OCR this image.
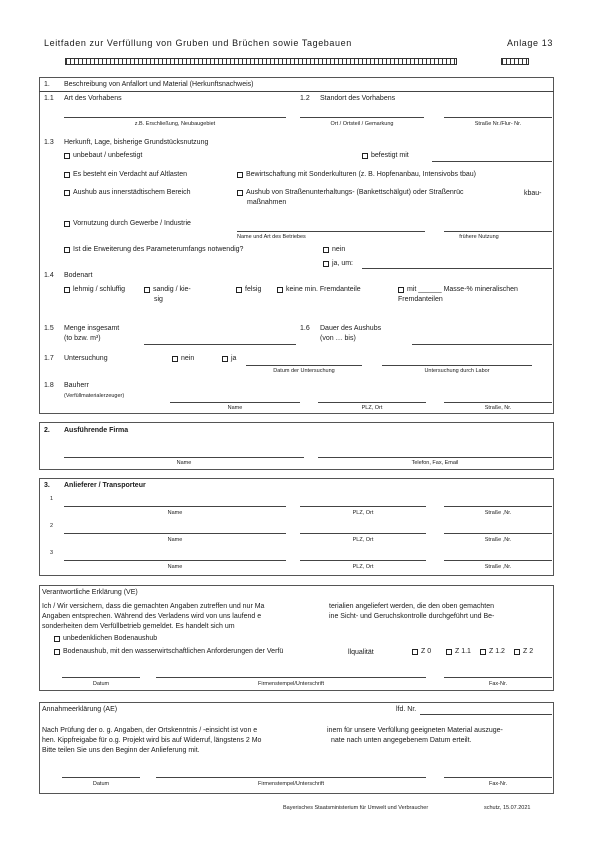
Leitfaden zur Verfüllung von Gruben und Brüchen sowie Tagebauen	Anlage 13
1. Beschreibung von Anfallort und Material (Herkunftsnachweis)
1.1 Art des Vorhabens	1.2 Standort des Vorhabens
z.B. Erschließung, Neubaugebiet	Ort / Ortsteil / Gemarkung	Straße Nr./Flur- Nr.
1.3 Herkunft, Lage, bisherige Grundstücksnutzung
unbebaut / unbefestigt	befestigt mit
Es besteht ein Verdacht auf Altlasten	Bewirtschaftung mit Sonderkulturen (z. B. Hopfenanbau, Intensivobs tbau)
Aushub aus innerstädtischem Bereich	Aushub von Straßenunterhaltungs- (Bankettschälgut) oder Straßenrüc	kbau-
maßnahmen
Vornutzung durch Gewerbe / Industrie
Name und Art des Betriebes	frühere Nutzung
Ist die Erweiterung des Parameterumfangs notwendig?	nein
ja, um:
1.4 Bodenart
lehmig / schluffig	sandig / kie-
sig
felsig	keine min. Fremdanteile	mit ______ Masse-% mineralischen
Fremdanteilen
1.5 Menge insgesamt
(to bzw. m³)
1.6 Dauer des Aushubs
(von … bis)
1.7 Untersuchung	nein	ja
Datum der Untersuchung	Untersuchung durch Labor
1.8 Bauherr
(Verfüllmaterialerzeuger)
Name	PLZ, Ort	Straße, Nr.
2. Ausführende Firma
Name	Telefon, Fax, Email
3. Anlieferer / Transporteur
1
Name	PLZ, Ort	Straße ,Nr.
2
Name	PLZ, Ort	Straße ,Nr.
3
Name	PLZ, Ort	Straße ,Nr.
Verantwortliche Erklärung (VE)
Ich / Wir versichern, dass die gemachten Angaben zutreffen und nur Ma	terialien angeliefert werden, die den oben gemachten
Angaben entsprechen. Während des Verladens wird von uns laufend e	ine Sicht- und Geruchskontrolle durchgeführt und Be-
sonderheiten dem Verfüllbetrieb gemeldet. Es handelt sich um
unbedenklichen Bodenaushub
Bodenaushub, mit den wasserwirtschaftlichen Anforderungen der Verfü	llqualität	Z 0	Z 1.1	Z 1.2	Z 2
Datum	Firmenstempel/Unterschrift	Fax-Nr.
Annahmeerklärung (AE)	lfd. Nr.
Nach Prüfung der o. g. Angaben, der Ortskenntnis / -einsicht ist von e	inem für unsere Verfüllung geeigneten Material auszuge-
hen. Kippfreigabe für o.g. Projekt wird bis auf Widerruf, längstens 2 Mo	nate nach unten angegebenem Datum erteilt.
Bitte teilen Sie uns den Beginn der Anlieferung mit.
Datum	Firmenstempel/Unterschrift	Fax-Nr.
Bayerisches Staatsministerium für Umwelt und Verbraucher	schutz, 15.07.2021
